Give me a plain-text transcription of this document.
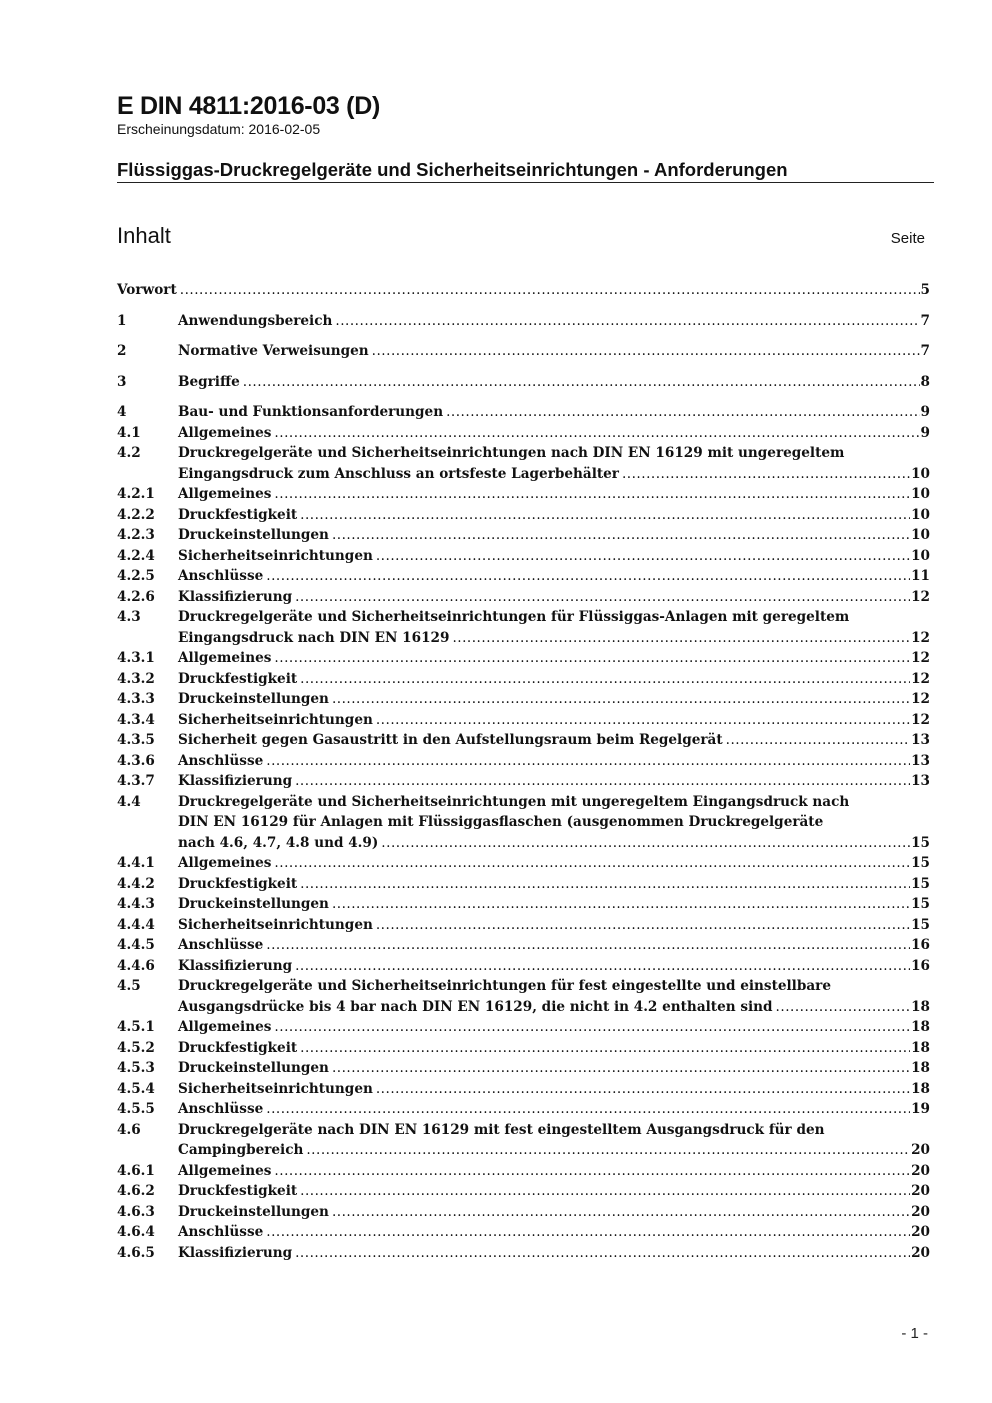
E DIN 4811:2016-03 (D)
Erscheinungsdatum: 2016-02-05
Flüssiggas-Druckregelgeräte und Sicherheitseinrichtungen - Anforderungen
Inhalt	Seite
Vorwort .....	5
1	Anwendungsbereich .....	7
2	Normative Verweisungen .....	7
3	Begriffe .....	8
4	Bau- und Funktionsanforderungen .....	9
4.1	Allgemeines .....	9
4.2	Druckregelgeräte und Sicherheitseinrichtungen nach DIN EN 16129 mit ungeregeltem
Eingangsdruck zum Anschluss an ortsfeste Lagerbehälter .....	10
4.2.1 Allgemeines .....	10
4.2.2 Druckfestigkeit .....	10
4.2.3 Druckeinstellungen .....	10
4.2.4 Sicherheitseinrichtungen .....	10
4.2.5 Anschlüsse .....	11
4.2.6 Klassifizierung .....	12
4.3	Druckregelgeräte und Sicherheitseinrichtungen für Flüssiggas-Anlagen mit geregeltem
Eingangsdruck nach DIN EN 16129 .....	12
4.3.1 Allgemeines .....	12
4.3.2 Druckfestigkeit .....	12
4.3.3 Druckeinstellungen .....	12
4.3.4 Sicherheitseinrichtungen .....	12
4.3.5 Sicherheit gegen Gasaustritt in den Aufstellungsraum beim Regelgerät .....	13
4.3.6 Anschlüsse .....	13
4.3.7 Klassifizierung .....	13
4.4	Druckregelgeräte und Sicherheitseinrichtungen mit ungeregeltem Eingangsdruck nach
DIN EN 16129 für Anlagen mit Flüssiggasflaschen (ausgenommen Druckregelgeräte
nach 4.6, 4.7, 4.8 und 4.9) .....	15
4.4.1 Allgemeines .....	15
4.4.2 Druckfestigkeit .....	15
4.4.3 Druckeinstellungen .....	15
4.4.4 Sicherheitseinrichtungen .....	15
4.4.5 Anschlüsse .....	16
4.4.6 Klassifizierung .....	16
4.5	Druckregelgeräte und Sicherheitseinrichtungen für fest eingestellte und einstellbare
Ausgangsdrücke bis 4 bar nach DIN EN 16129, die nicht in 4.2 enthalten sind .....	18
4.5.1 Allgemeines .....	18
4.5.2 Druckfestigkeit .....	18
4.5.3 Druckeinstellungen .....	18
4.5.4 Sicherheitseinrichtungen .....	18
4.5.5 Anschlüsse .....	19
4.6	Druckregelgeräte nach DIN EN 16129 mit fest eingestelltem Ausgangsdruck für den
Campingbereich .....	20
4.6.1 Allgemeines .....	20
4.6.2 Druckfestigkeit .....	20
4.6.3 Druckeinstellungen .....	20
4.6.4 Anschlüsse .....	20
4.6.5 Klassifizierung .....	20
- 1 -
